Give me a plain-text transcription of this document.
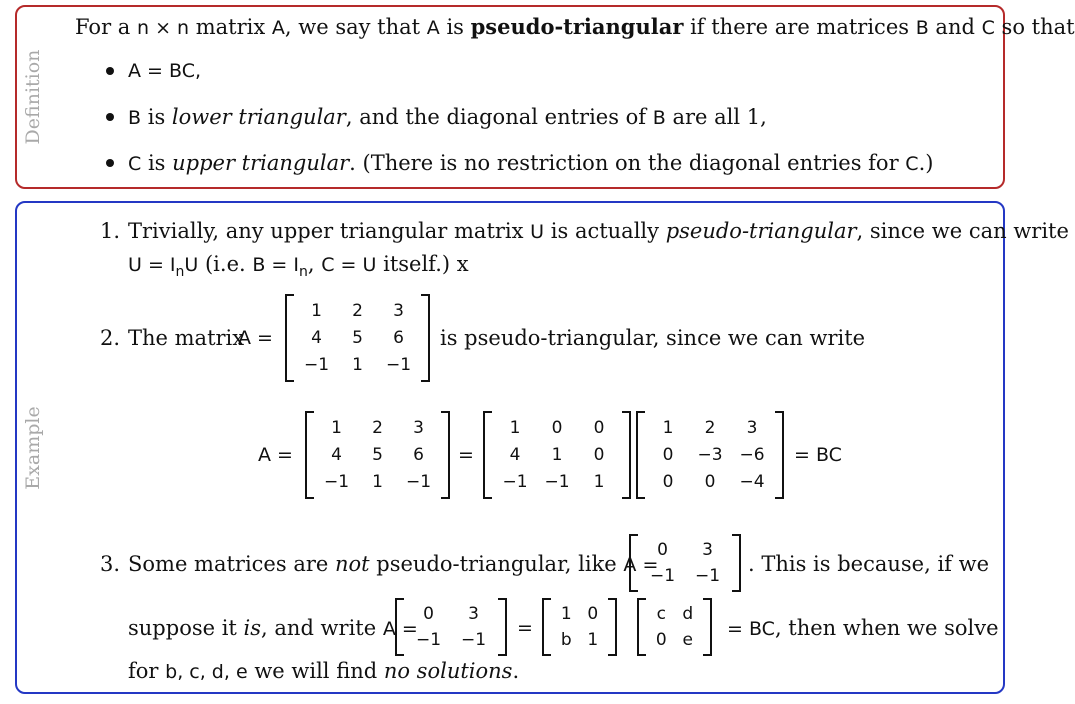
Definition
For a n × n matrix A, we say that A is pseudo-triangular if there are matrices B and C so that
A = BC,
B is lower triangular, and the diagonal entries of B are all 1,
C is upper triangular. (There is no restriction on the diagonal entries for C.)
Example
1. Trivially, any upper triangular matrix U is actually pseudo-triangular, since we can write
$U = I_nU$ (i.e. $B = I_n$, C = U itself.) x
2. The matrix
A =
1	2	3
4	5	6
−1	1	−1
is pseudo-triangular, since we can write
A =
1	2	3
4	5	6
−1	1	−1
=
1	0	0
4	1	0
−1 −1	1
1	2	3
0	−3 −6
0	0	−4
= BC
3. Some matrices are not pseudo-triangular, like A =
0	3
−1	−1	. This is because, if we
suppose it is, and write A =
0	3
−1	−1
=
1 0
b 1
c d
0 e	= BC, then when we solve
for b, c, d, e we will find no solutions.
